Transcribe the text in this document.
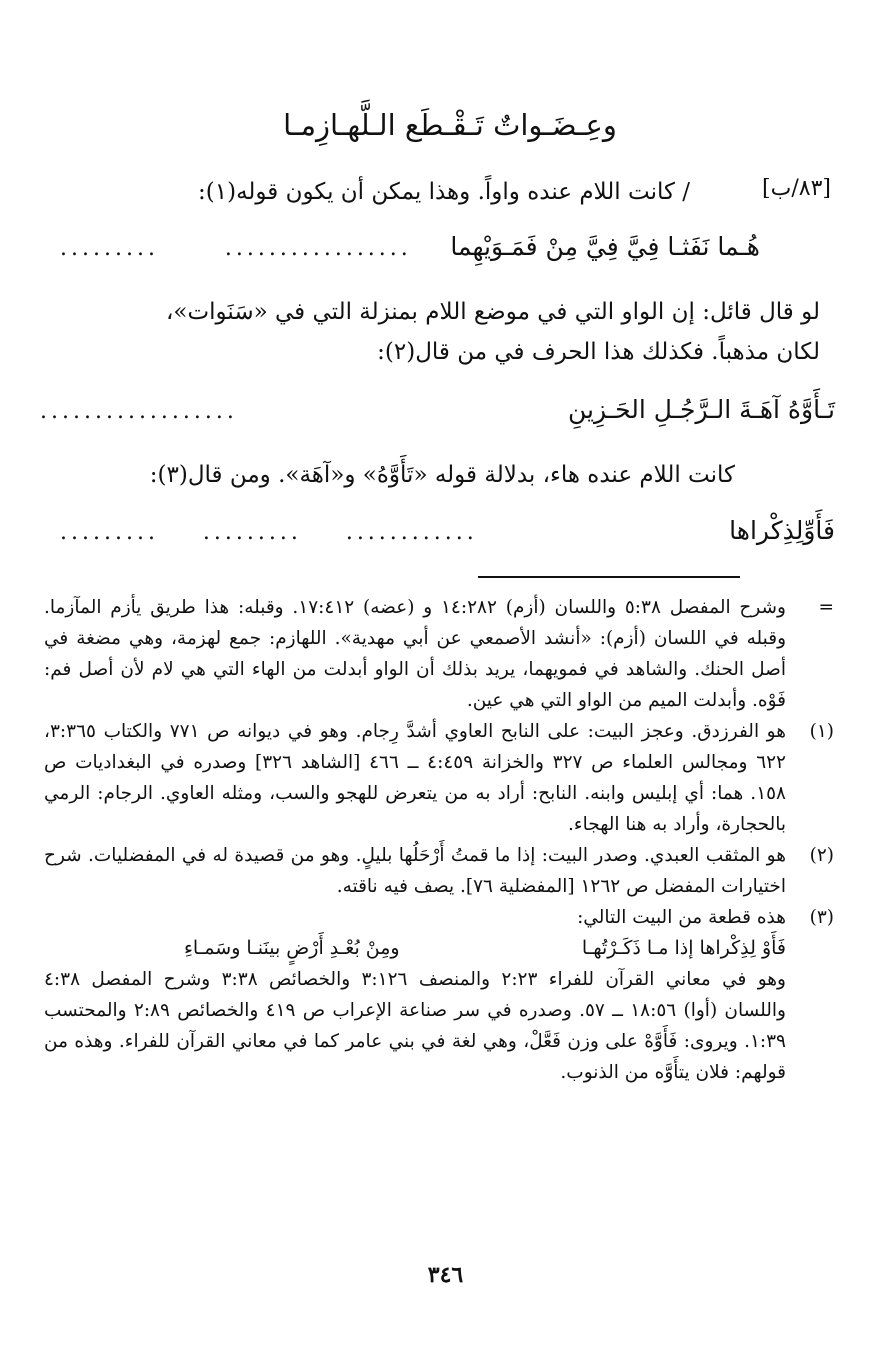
وعِـضَـواتٌ تَـقْـطَع الـلَّهـازِمـا
[٨٣/ب]
/ كانت اللام عنده واواً. وهذا يمكن أن يكون قوله(١):
هُـما نَفَثـا فِيَّ فِيَّ مِنْ فَمَـوَيْهِما
.................      .........
لو قال قائل: إن الواو التي في موضع اللام بمنزلة التي في «سَنَوات»،
لكان مذهباً. فكذلك هذا الحرف في من قال(٢):
تَـأَوَّهُ آهَـةَ الـرَّجُـلِ الحَـزِينِ
..................
كانت اللام عنده هاء، بدلالة قوله «تَأَوَّهُ» و«آهَة». ومن قال(٣):
فَأَوِّلِذِكْراها
............    .........    .........
=
وشرح المفصل ٥:٣٨ واللسان (أزم) ١٤:٢٨٢ و (عضه) ١٧:٤١٢. وقبله: هذا طريق يأزم المآزما. وقبله في اللسان (أزم): «أنشد الأصمعي عن أبي مهدية». اللهازم: جمع لهزمة، وهي مضغة في أصل الحنك. والشاهد في فمويهما، يريد بذلك أن الواو أبدلت من الهاء التي هي لام لأن أصل فم: فَوْه. وأبدلت الميم من الواو التي هي عين.
(١)
هو الفرزدق. وعجز البيت: على النابح العاوي أشدَّ رِجام. وهو في ديوانه ص ٧٧١ والكتاب ٣:٣٦٥، ٦٢٢ ومجالس العلماء ص ٣٢٧ والخزانة ٤:٤٥٩ ــ ٤٦٦ [الشاهد ٣٢٦] وصدره في البغداديات ص ١٥٨. هما: أي إبليس وابنه. النابح: أراد به من يتعرض للهجو والسب، ومثله العاوي. الرجام: الرمي بالحجارة، وأراد به هنا الهجاء.
(٢)
هو المثقب العبدي. وصدر البيت: إذا ما قمتُ أَرْحَلُها بليلٍ. وهو من قصيدة له في المفضليات. شرح اختيارات المفضل ص ١٢٦٢ [المفضلية ٧٦]. يصف فيه ناقته.
(٣)
هذه قطعة من البيت التالي:
فَأَوْ لِذِكْراها إذا مـا ذَكَـرْتُهـا
ومِنْ بُعْـدِ أَرْضٍ بينَنـا وسَمـاءِ
وهو في معاني القرآن للفراء ٢:٢٣ والمنصف ٣:١٢٦ والخصائص ٣:٣٨ وشرح المفصل ٤:٣٨ واللسان (أوا) ١٨:٥٦ ــ ٥٧. وصدره في سر صناعة الإعراب ص ٤١٩ والخصائص ٢:٨٩ والمحتسب ١:٣٩. ويروى: فَأَوَّهْ على وزن فَعَّلْ، وهي لغة في بني عامر كما في معاني القرآن للفراء. وهذه من قولهم: فلان يتأَوَّه من الذنوب.
٣٤٦
